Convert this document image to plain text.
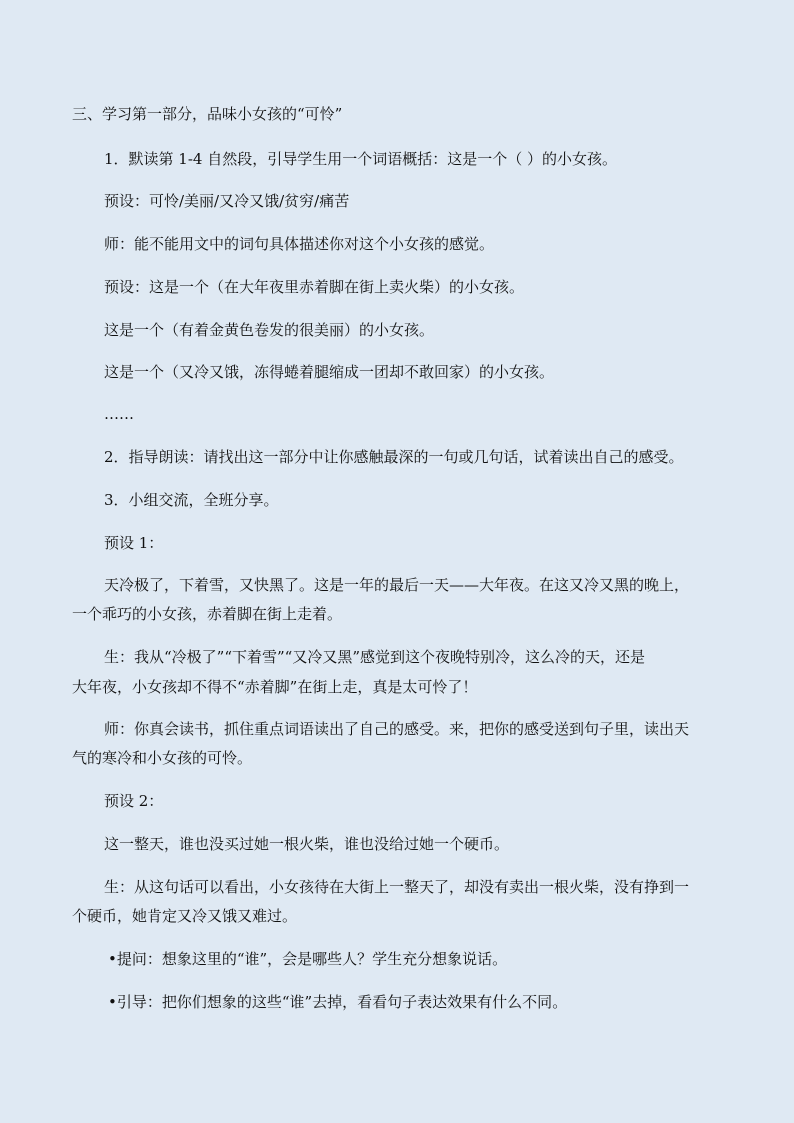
三、学习第一部分，品味小女孩的“可怜”
1．默读第 1-4 自然段，引导学生用一个词语概括：这是一个（ ）的小女孩。
预设：可怜/美丽/又冷又饿/贫穷/痛苦
师：能不能用文中的词句具体描述你对这个小女孩的感觉。
预设：这是一个（在大年夜里赤着脚在街上卖火柴）的小女孩。
这是一个（有着金黄色卷发的很美丽）的小女孩。
这是一个（又冷又饿，冻得蜷着腿缩成一团却不敢回家）的小女孩。
……
2．指导朗读：请找出这一部分中让你感触最深的一句或几句话，试着读出自己的感受。
3．小组交流，全班分享。
预设 1：
天冷极了，下着雪，又快黑了。这是一年的最后一天——大年夜。在这又冷又黑的晚上，
一个乖巧的小女孩，赤着脚在街上走着。
生：我从“冷极了”“下着雪”“又冷又黑”感觉到这个夜晚特别冷，这么冷的天，还是
大年夜，小女孩却不得不“赤着脚”在街上走，真是太可怜了！
师：你真会读书，抓住重点词语读出了自己的感受。来，把你的感受送到句子里，读出天
气的寒冷和小女孩的可怜。
预设 2：
这一整天，谁也没买过她一根火柴，谁也没给过她一个硬币。
生：从这句话可以看出，小女孩待在大街上一整天了，却没有卖出一根火柴，没有挣到一
个硬币，她肯定又冷又饿又难过。
•提问：想象这里的“谁”，会是哪些人？学生充分想象说话。
•引导：把你们想象的这些“谁”去掉，看看句子表达效果有什么不同。
